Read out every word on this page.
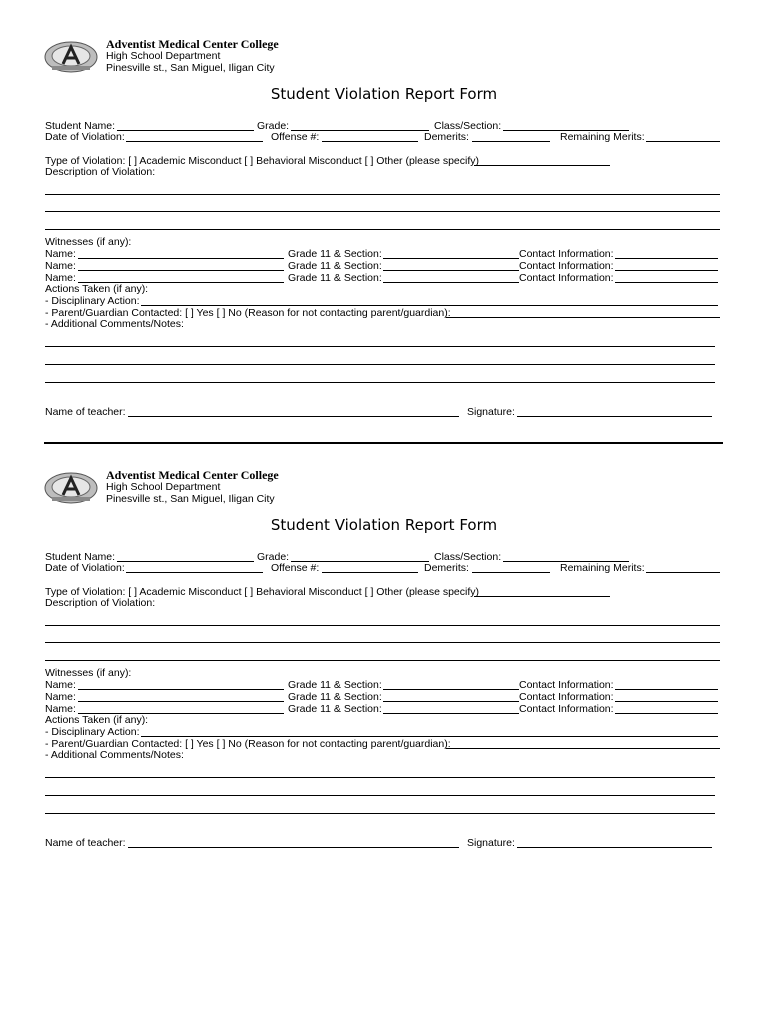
Adventist Medical Center College
High School Department
Pinesville st., San Miguel, Iligan City
Student Violation Report Form
Student Name:	Grade:	Class/Section:
Date of Violation:	Offense #:	Demerits:	Remaining Merits:
Type of Violation: [ ] Academic Misconduct [ ] Behavioral Misconduct [ ] Other (please specify)
Description of Violation:
Witnesses (if any):
Name:	Grade 11 & Section:	Contact Information:
Name:	Grade 11 & Section:	Contact Information:
Name:	Grade 11 & Section:	Contact Information:
Actions Taken (if any):
- Disciplinary Action:
- Parent/Guardian Contacted: [ ] Yes [ ] No (Reason for not contacting parent/guardian):
- Additional Comments/Notes:
Name of teacher:	Signature:
Adventist Medical Center College
High School Department
Pinesville st., San Miguel, Iligan City
Student Violation Report Form
Student Name:	Grade:	Class/Section:
Date of Violation:	Offense #:	Demerits:	Remaining Merits:
Type of Violation: [ ] Academic Misconduct [ ] Behavioral Misconduct [ ] Other (please specify)
Description of Violation:
Witnesses (if any):
Name:	Grade 11 & Section:	Contact Information:
Name:	Grade 11 & Section:	Contact Information:
Name:	Grade 11 & Section:	Contact Information:
Actions Taken (if any):
- Disciplinary Action:
- Parent/Guardian Contacted: [ ] Yes [ ] No (Reason for not contacting parent/guardian):
- Additional Comments/Notes:
Name of teacher:	Signature:
